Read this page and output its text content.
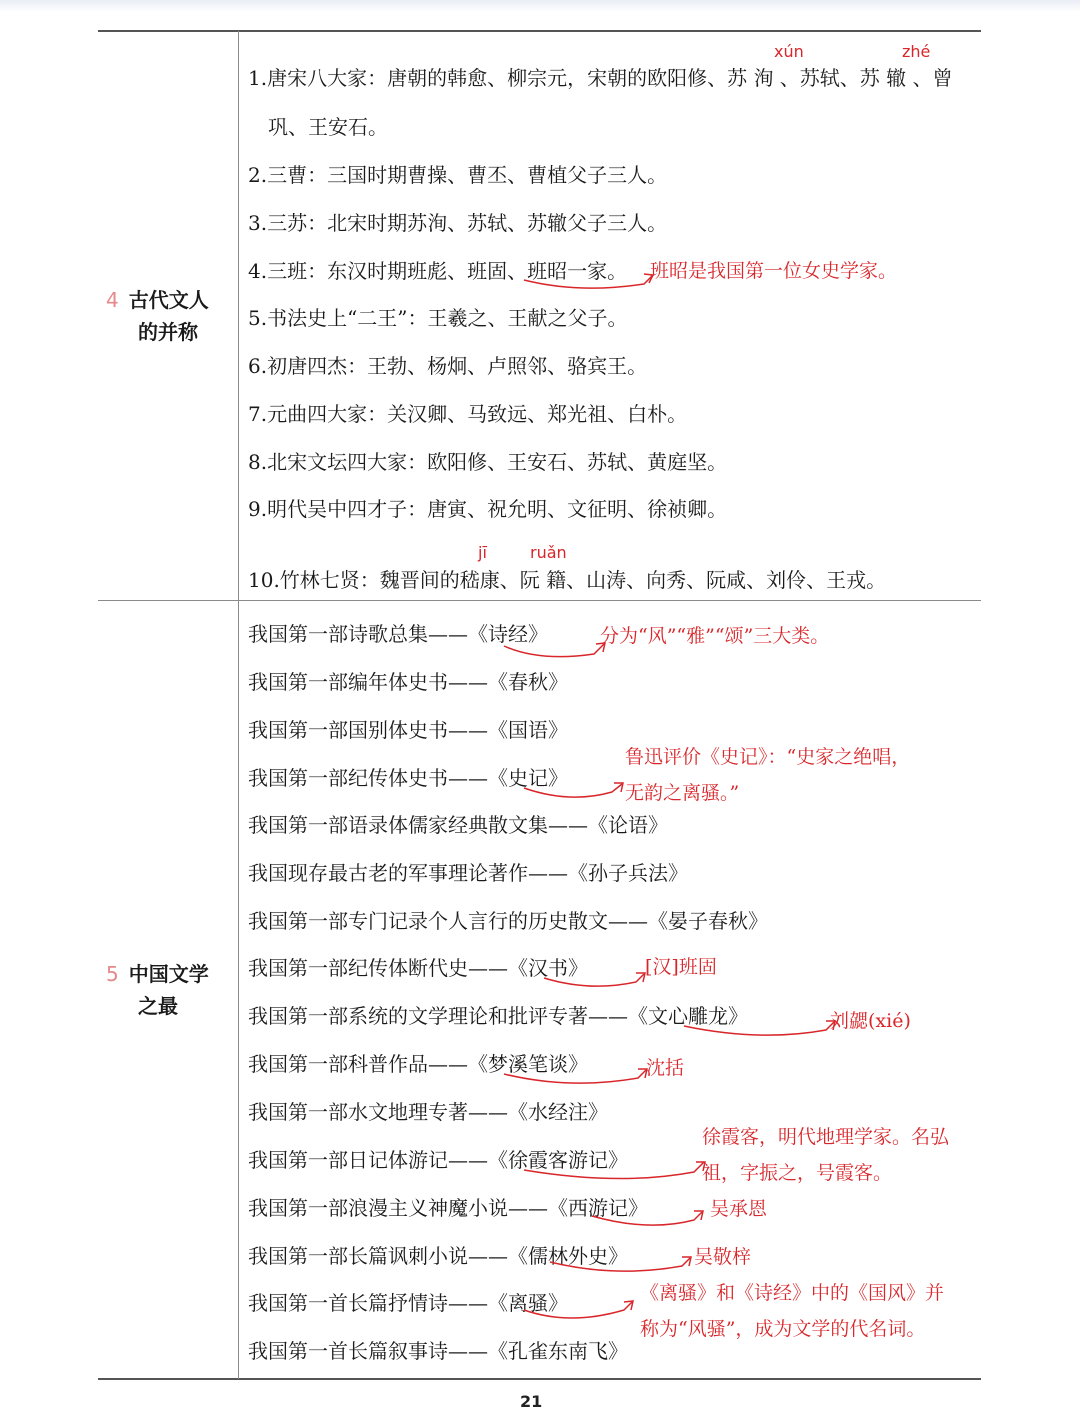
4 古代文人
的并称
1.唐宋八大家：唐朝的韩愈、柳宗元，宋朝的欧阳修、苏 洵 、苏轼、苏 辙 、曾
巩、王安石。
2.三曹：三国时期曹操、曹丕、曹植父子三人。
3.三苏：北宋时期苏洵、苏轼、苏辙父子三人。
4.三班：东汉时期班彪、班固、班昭一家。
5.书法史上“二王”：王羲之、王献之父子。
6.初唐四杰：王勃、杨炯、卢照邻、骆宾王。
7.元曲四大家：关汉卿、马致远、郑光祖、白朴。
8.北宋文坛四大家：欧阳修、王安石、苏轼、黄庭坚。
9.明代吴中四才子：唐寅、祝允明、文征明、徐祯卿。
10.竹林七贤：魏晋间的嵇康、阮 籍、山涛、向秀、阮咸、刘伶、王戎。
xún	zhé
jī	ruǎn
班昭是我国第一位女史学家。
5 中国文学
之最
我国第一部诗歌总集——《诗经》
我国第一部编年体史书——《春秋》
我国第一部国别体史书——《国语》
我国第一部纪传体史书——《史记》
我国第一部语录体儒家经典散文集——《论语》
我国现存最古老的军事理论著作——《孙子兵法》
我国第一部专门记录个人言行的历史散文——《晏子春秋》
我国第一部纪传体断代史——《汉书》
我国第一部系统的文学理论和批评专著——《文心雕龙》
我国第一部科普作品——《梦溪笔谈》
我国第一部水文地理专著——《水经注》
我国第一部日记体游记——《徐霞客游记》
我国第一部浪漫主义神魔小说——《西游记》
我国第一部长篇讽刺小说——《儒林外史》
我国第一首长篇抒情诗——《离骚》
我国第一首长篇叙事诗——《孔雀东南飞》
分为“风”“雅”“颂”三大类。
鲁迅评价《史记》：“史家之绝唱，
无韵之离骚。”
[汉]班固
刘勰(xié)
沈括
徐霞客，明代地理学家。名弘
祖，字振之，号霞客。
吴承恩
吴敬梓
《离骚》和《诗经》中的《国风》并
称为“风骚”，成为文学的代名词。
21
